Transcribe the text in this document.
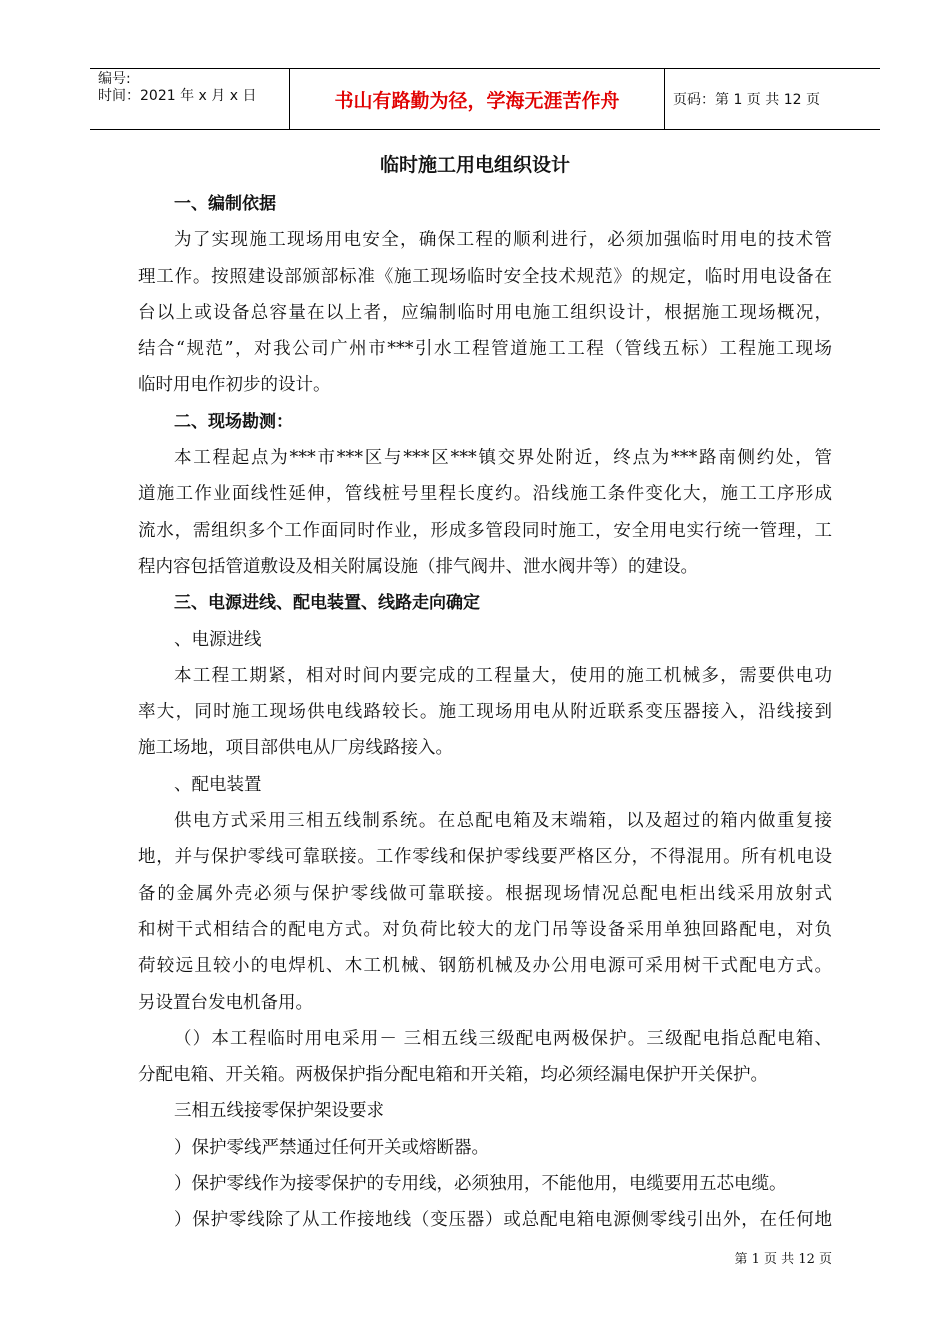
编号:
时间：2021 年 x 月 x 日	书山有路勤为径，学海无涯苦作舟	页码：第 1 页 共 12 页
临时施工用电组织设计
一、编制依据
为了实现施工现场用电安全，确保工程的顺利进行，必须加强临时用电的技术管
理工作。按照建设部颁部标准《施工现场临时安全技术规范》的规定，临时用电设备在
台以上或设备总容量在以上者，应编制临时用电施工组织设计，根据施工现场概况，
结合“规范”，对我公司广州市***引水工程管道施工工程（管线五标）工程施工现场
临时用电作初步的设计。
二、现场勘测：
本工程起点为***市***区与***区***镇交界处附近，终点为***路南侧约处，管
道施工作业面线性延伸，管线桩号里程长度约。沿线施工条件变化大，施工工序形成
流水，需组织多个工作面同时作业，形成多管段同时施工，安全用电实行统一管理，工
程内容包括管道敷设及相关附属设施（排气阀井、泄水阀井等）的建设。
三、电源进线、配电装置、线路走向确定
、电源进线
本工程工期紧，相对时间内要完成的工程量大，使用的施工机械多，需要供电功
率大，同时施工现场供电线路较长。施工现场用电从附近联系变压器接入，沿线接到
施工场地，项目部供电从厂房线路接入。
、配电装置
供电方式采用三相五线制系统。在总配电箱及末端箱，以及超过的箱内做重复接
地，并与保护零线可靠联接。工作零线和保护零线要严格区分，不得混用。所有机电设
备的金属外壳必须与保护零线做可靠联接。根据现场情况总配电柜出线采用放射式
和树干式相结合的配电方式。对负荷比较大的龙门吊等设备采用单独回路配电，对负
荷较远且较小的电焊机、木工机械、钢筋机械及办公用电源可采用树干式配电方式。
另设置台发电机备用。
（）本工程临时用电采用－ 三相五线三级配电两极保护。三级配电指总配电箱、
分配电箱、开关箱。两极保护指分配电箱和开关箱，均必须经漏电保护开关保护。
三相五线接零保护架设要求
）保护零线严禁通过任何开关或熔断器。
）保护零线作为接零保护的专用线，必须独用，不能他用，电缆要用五芯电缆。
）保护零线除了从工作接地线（变压器）或总配电箱电源侧零线引出外，在任何地
第 1 页 共 12 页
